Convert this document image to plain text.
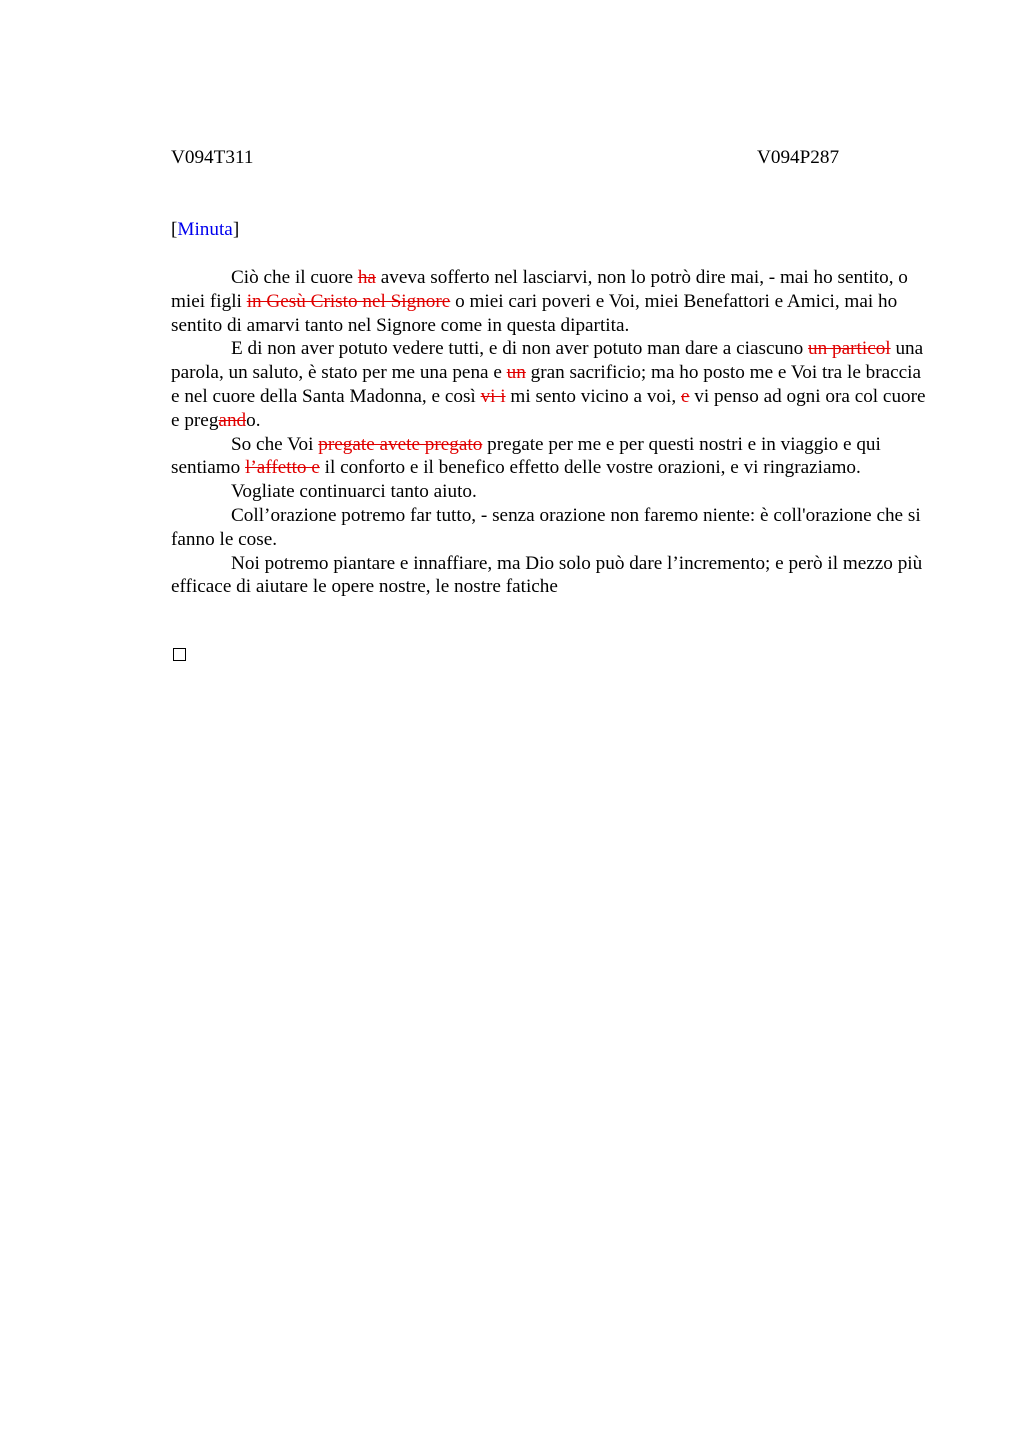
V094T311	V094P287
[Minuta]

Ciò che il cuore ha aveva sofferto nel lasciarvi, non lo potrò dire mai, - mai ho sentito, o miei figli in Gesù Cristo nel Signore o miei cari poveri e Voi, miei Benefattori e Amici, mai ho sentito di amarvi tanto nel Signore come in questa dipartita.

E di non aver potuto vedere tutti, e di non aver potuto man dare a ciascuno un particol una parola, un saluto, è stato per me una pena e un gran sacrificio; ma ho posto me e Voi tra le braccia e nel cuore della Santa Madonna, e così vi i mi sento vicino a voi, e vi penso ad ogni ora col cuore e pregando.

So che Voi pregate avete pregato pregate per me e per questi nostri e in viaggio e qui sentiamo l’affetto e il conforto e il benefico effetto delle vostre orazioni, e vi ringraziamo.

Vogliate continuarci tanto aiuto.

Coll’orazione potremo far tutto, - senza orazione non faremo niente: è coll'orazione che si fanno le cose.

Noi potremo piantare e innaffiare, ma Dio solo può dare l’incremento; e però il mezzo più efficace di aiutare le opere nostre, le nostre fatiche
